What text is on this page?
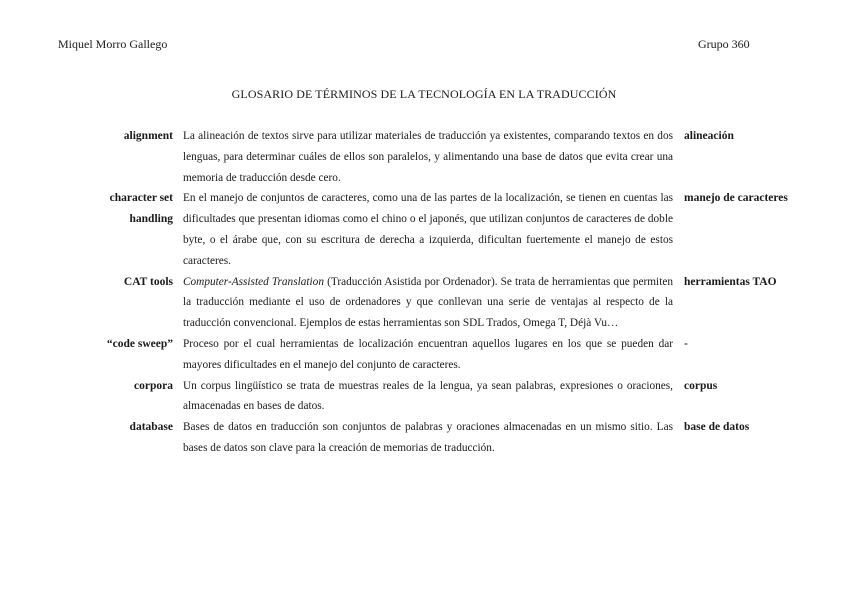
Miquel Morro Gallego	Grupo 360
GLOSARIO DE TÉRMINOS DE LA TECNOLOGÍA EN LA TRADUCCIÓN
alignment La alineación de textos sirve para utilizar materiales de traducción ya existentes, comparando textos en dos lenguas, para determinar cuáles de ellos son paralelos, y alimentando una base de datos que evita crear una memoria de traducción desde cero.
alineación
character set handling
En el manejo de conjuntos de caracteres, como una de las partes de la localización, se tienen en cuentas las dificultades que presentan idiomas como el chino o el japonés, que utilizan conjuntos de caracteres de doble byte, o el árabe que, con su escritura de derecha a izquierda, dificultan fuertemente el manejo de estos caracteres.
manejo de caracteres
CAT tools Computer-Assisted Translation (Traducción Asistida por Ordenador). Se trata de herramientas que permiten la traducción mediante el uso de ordenadores y que conllevan una serie de ventajas al respecto de la traducción convencional. Ejemplos de estas herramientas son SDL Trados, Omega T, Déjà Vu…
herramientas TAO
“code sweep” Proceso por el cual herramientas de localización encuentran aquellos lugares en los que se pueden dar mayores dificultades en el manejo del conjunto de caracteres.
-
corpora Un corpus lingüístico se trata de muestras reales de la lengua, ya sean palabras, expresiones o oraciones, almacenadas en bases de datos.
corpus
database Bases de datos en traducción son conjuntos de palabras y oraciones almacenadas en un mismo sitio. Las bases de datos son clave para la creación de memorias de traducción.
base de datos
